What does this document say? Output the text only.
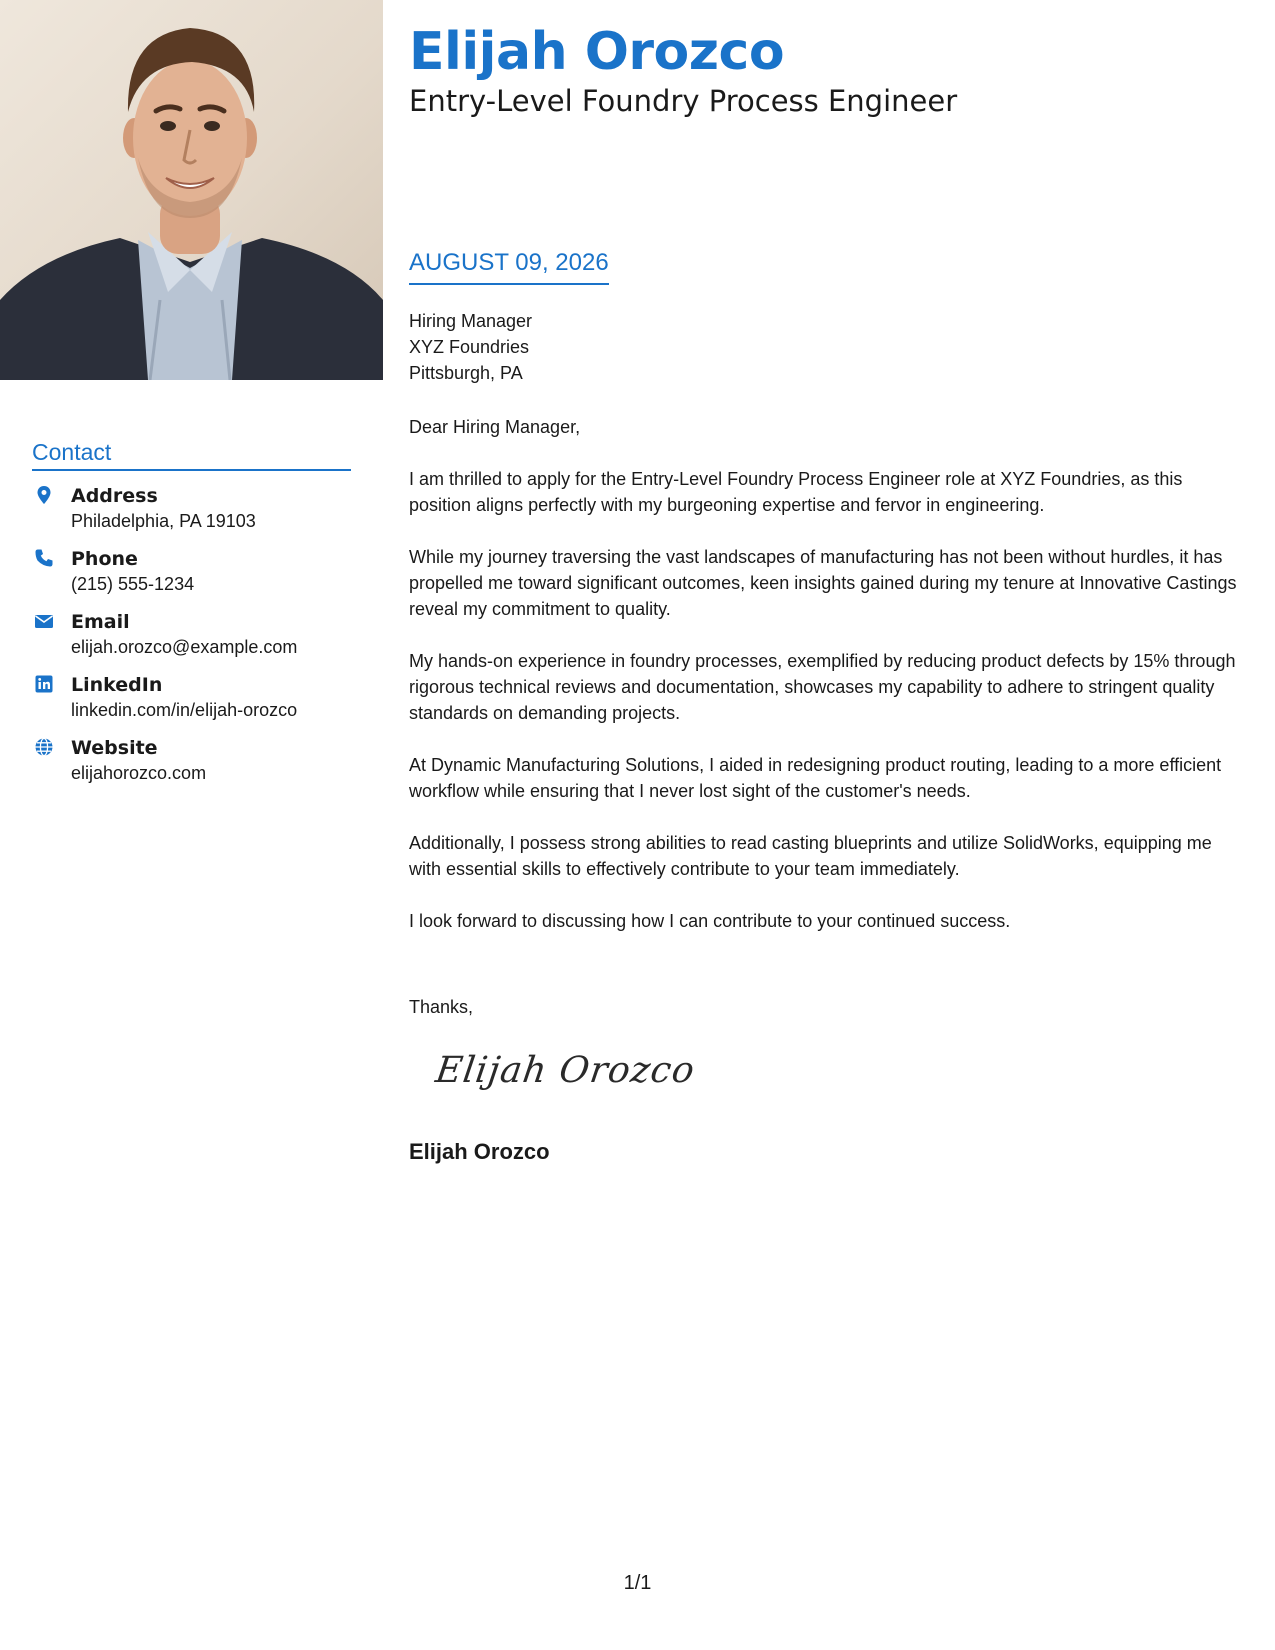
Elijah Orozco
Entry-Level Foundry Process Engineer
AUGUST 09, 2026
Hiring Manager
XYZ Foundries
Pittsburgh, PA

Dear Hiring Manager,

I am thrilled to apply for the Entry-Level Foundry Process Engineer role at XYZ Foundries, as this position aligns perfectly with my burgeoning expertise and fervor in engineering.

While my journey traversing the vast landscapes of manufacturing has not been without hurdles, it has propelled me toward significant outcomes, keen insights gained during my tenure at Innovative Castings reveal my commitment to quality.

My hands-on experience in foundry processes, exemplified by reducing product defects by 15% through rigorous technical reviews and documentation, showcases my capability to adhere to stringent quality standards on demanding projects.

At Dynamic Manufacturing Solutions, I aided in redesigning product routing, leading to a more efficient workflow while ensuring that I never lost sight of the customer's needs.

Additionally, I possess strong abilities to read casting blueprints and utilize SolidWorks, equipping me with essential skills to effectively contribute to your team immediately.

I look forward to discussing how I can contribute to your continued success.

Thanks,
Elijah Orozco
Elijah Orozco
Contact
Address
Philadelphia, PA 19103
Phone
(215) 555-1234
Email
elijah.orozco@example.com
LinkedIn
linkedin.com/in/elijah-orozco
Website
elijahorozco.com
1/1
